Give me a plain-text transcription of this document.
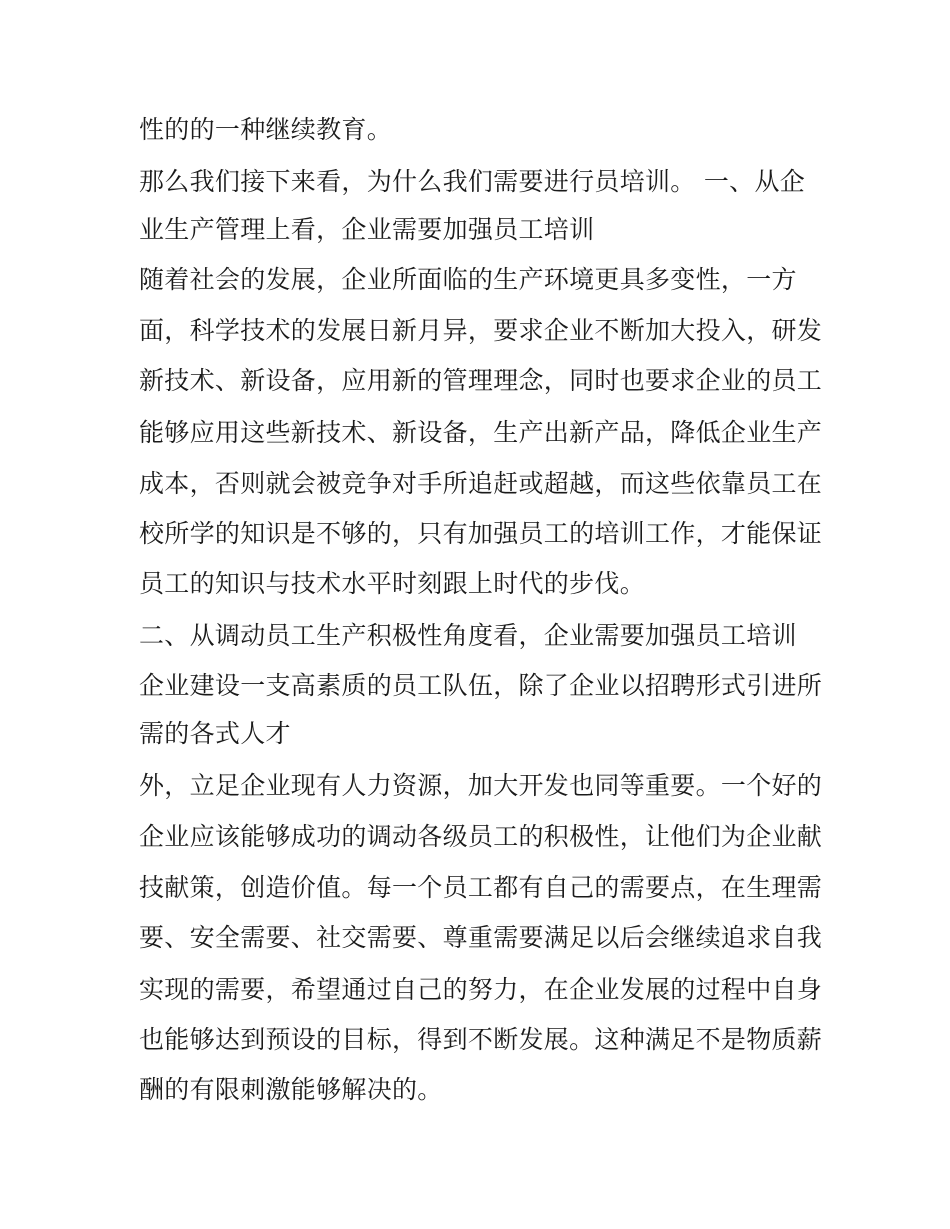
性的的一种继续教育。
那么我们接下来看，为什么我们需要进行员培训。 一、从企
业生产管理上看，企业需要加强员工培训
随着社会的发展，企业所面临的生产环境更具多变性，一方
面，科学技术的发展日新月异，要求企业不断加大投入，研发
新技术、新设备，应用新的管理理念，同时也要求企业的员工
能够应用这些新技术、新设备，生产出新产品，降低企业生产
成本，否则就会被竞争对手所追赶或超越，而这些依靠员工在
校所学的知识是不够的，只有加强员工的培训工作，才能保证
员工的知识与技术水平时刻跟上时代的步伐。
二、从调动员工生产积极性角度看，企业需要加强员工培训
企业建设一支高素质的员工队伍，除了企业以招聘形式引进所
需的各式人才
外，立足企业现有人力资源，加大开发也同等重要。一个好的
企业应该能够成功的调动各级员工的积极性，让他们为企业献
技献策，创造价值。每一个员工都有自己的需要点，在生理需
要、安全需要、社交需要、尊重需要满足以后会继续追求自我
实现的需要，希望通过自己的努力，在企业发展的过程中自身
也能够达到预设的目标，得到不断发展。这种满足不是物质薪
酬的有限刺激能够解决的。
